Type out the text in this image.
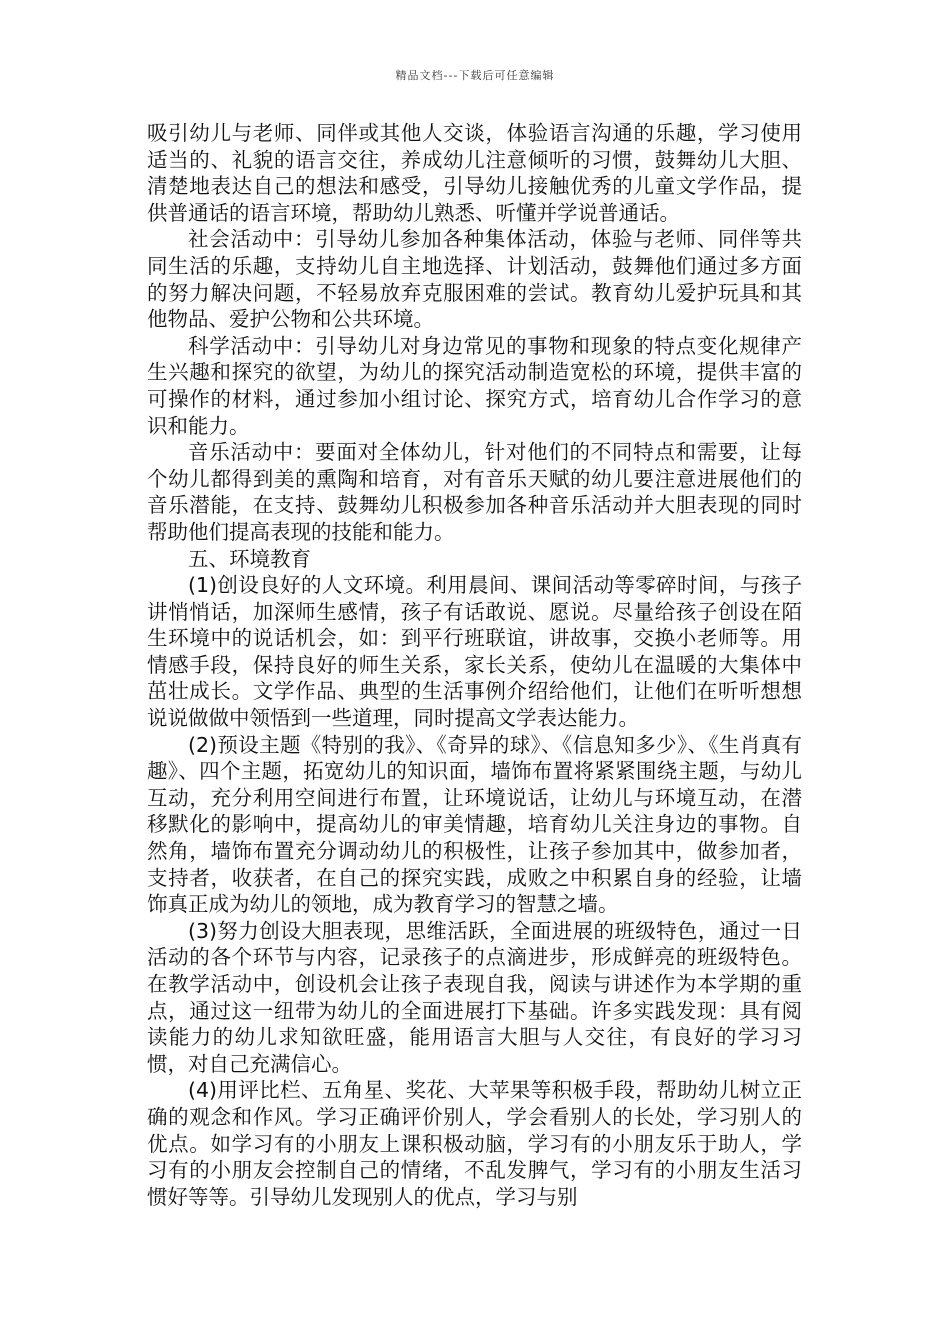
精品文档---下载后可任意编辑

吸引幼儿与老师、同伴或其他人交谈，体验语言沟通的乐趣，学习使用适当的、礼貌的语言交往，养成幼儿注意倾听的习惯，鼓舞幼儿大胆、清楚地表达自己的想法和感受，引导幼儿接触优秀的儿童文学作品，提供普通话的语言环境，帮助幼儿熟悉、听懂并学说普通话。

社会活动中：引导幼儿参加各种集体活动，体验与老师、同伴等共同生活的乐趣，支持幼儿自主地选择、计划活动，鼓舞他们通过多方面的努力解决问题，不轻易放弃克服困难的尝试。教育幼儿爱护玩具和其他物品、爱护公物和公共环境。

科学活动中：引导幼儿对身边常见的事物和现象的特点变化规律产生兴趣和探究的欲望，为幼儿的探究活动制造宽松的环境，提供丰富的可操作的材料，通过参加小组讨论、探究方式，培育幼儿合作学习的意识和能力。

音乐活动中：要面对全体幼儿，针对他们的不同特点和需要，让每个幼儿都得到美的熏陶和培育，对有音乐天赋的幼儿要注意进展他们的音乐潜能，在支持、鼓舞幼儿积极参加各种音乐活动并大胆表现的同时帮助他们提高表现的技能和能力。

五、环境教育

(1)创设良好的人文环境。利用晨间、课间活动等零碎时间，与孩子讲悄悄话，加深师生感情，孩子有话敢说、愿说。尽量给孩子创设在陌生环境中的说话机会，如：到平行班联谊，讲故事，交换小老师等。用情感手段，保持良好的师生关系，家长关系，使幼儿在温暖的大集体中茁壮成长。文学作品、典型的生活事例介绍给他们，让他们在听听想想说说做做中领悟到一些道理，同时提高文学表达能力。

(2)预设主题《特别的我》、《奇异的球》、《信息知多少》、《生肖真有趣》、四个主题，拓宽幼儿的知识面，墙饰布置将紧紧围绕主题，与幼儿互动，充分利用空间进行布置，让环境说话，让幼儿与环境互动，在潜移默化的影响中，提高幼儿的审美情趣，培育幼儿关注身边的事物。自然角，墙饰布置充分调动幼儿的积极性，让孩子参加其中，做参加者，支持者，收获者，在自己的探究实践，成败之中积累自身的经验，让墙饰真正成为幼儿的领地，成为教育学习的智慧之墙。

(3)努力创设大胆表现，思维活跃，全面进展的班级特色，通过一日活动的各个环节与内容，记录孩子的点滴进步，形成鲜亮的班级特色。在教学活动中，创设机会让孩子表现自我，阅读与讲述作为本学期的重点，通过这一纽带为幼儿的全面进展打下基础。许多实践发现：具有阅读能力的幼儿求知欲旺盛，能用语言大胆与人交往，有良好的学习习惯，对自己充满信心。

(4)用评比栏、五角星、奖花、大苹果等积极手段，帮助幼儿树立正确的观念和作风。学习正确评价别人，学会看别人的长处，学习别人的优点。如学习有的小朋友上课积极动脑，学习有的小朋友乐于助人，学习有的小朋友会控制自己的情绪，不乱发脾气，学习有的小朋友生活习惯好等等。引导幼儿发现别人的优点，学习与别
